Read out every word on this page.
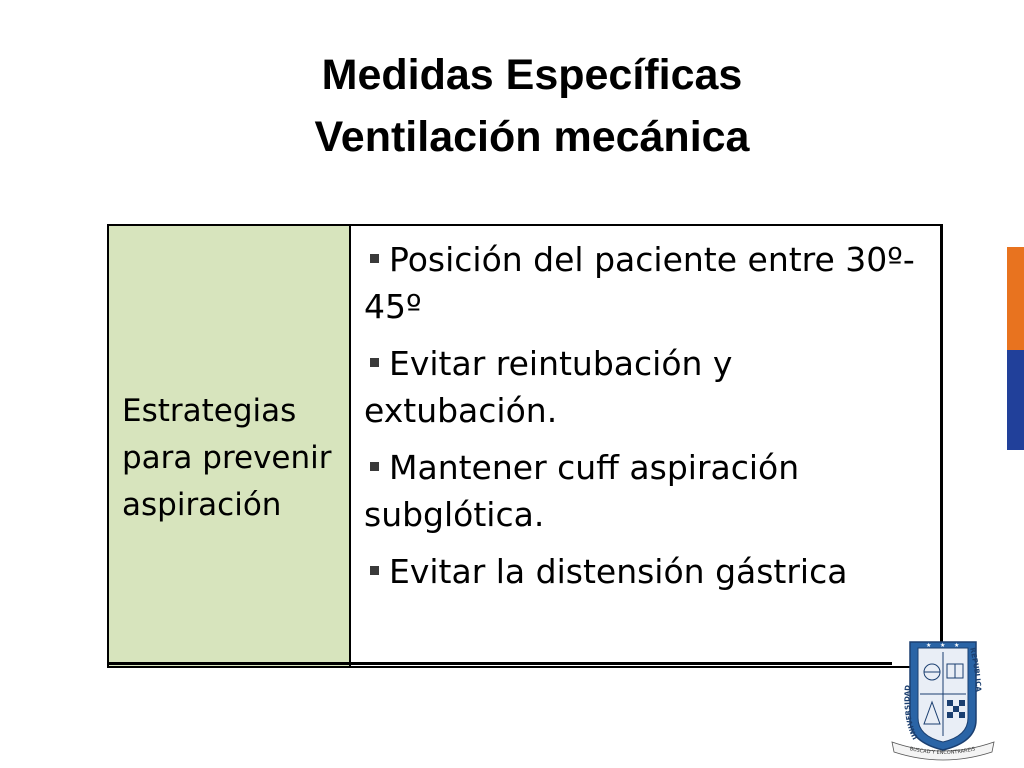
Medidas Específicas
Ventilación mecánica
Estrategias para prevenir aspiración
Posición del paciente entre 30º- 45º
Evitar reintubación y extubación.
Mantener cuff aspiración subglótica.
Evitar la distensión gástrica
★ ★ ★
UNIVERSIDAD
REPUBLICA
BUSCAD Y ENCONTRAREIS
